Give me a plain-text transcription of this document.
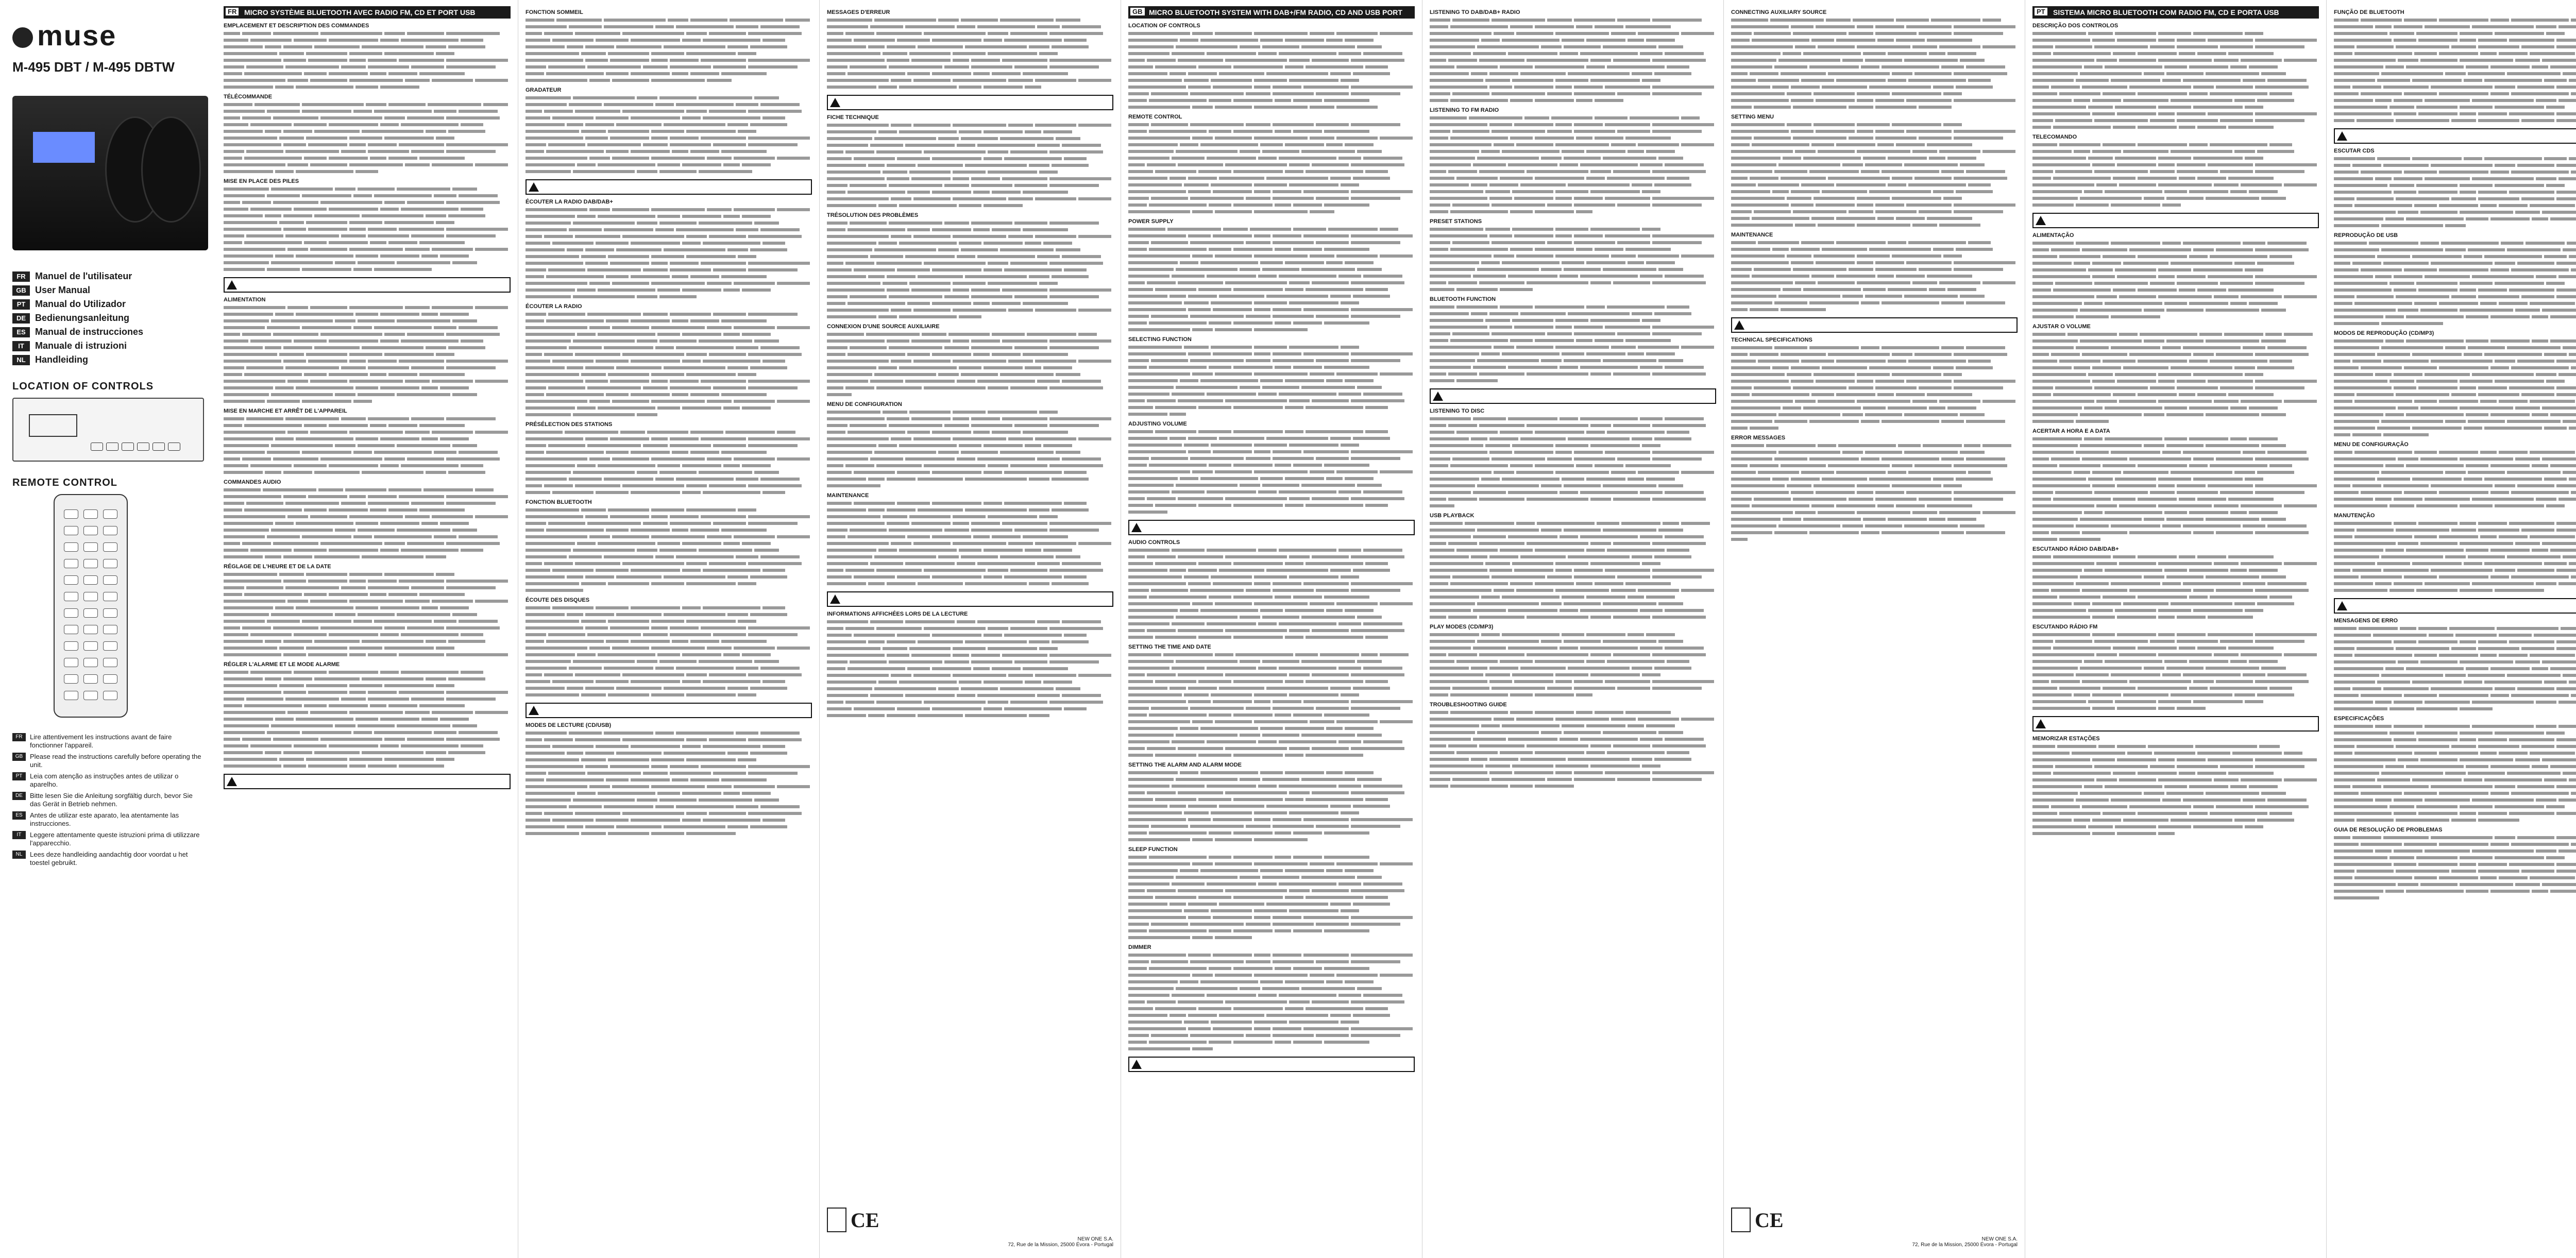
muse
M-495 DBT / M-495 DBTW
FR	Manuel de l'utilisateur
GB User Manual
PT	Manual do Utilizador
DE Bedienungsanleitung
ES	Manual de instrucciones
IT	Manuale di istruzioni
NL	Handleiding
LOCATION OF CONTROLS
REMOTE CONTROL
FR	Lire attentivement les instructions avant de faire fonctionner l'appareil.
GB	Please read the instructions carefully before operating the unit.
PT	Leia com atenção as instruções antes de utilizar o aparelho.
DE	Bitte lesen Sie die Anleitung sorgfältig durch, bevor Sie das Gerät in Betrieb nehmen.
ES	Antes de utilizar este aparato, lea atentamente las instrucciones.
IT	Leggere attentamente queste istruzioni prima di utilizzare l'apparecchio.
NL	Lees deze handleiding aandachtig door voordat u het toestel gebruikt.
FR MICRO SYSTÈME BLUETOOTH AVEC RADIO FM, CD ET PORT USB
EMPLACEMENT ET DESCRIPTION DES COMMANDES
TÉLÉCOMMANDE
MISE EN PLACE DES PILES
ALIMENTATION
MISE EN MARCHE ET ARRÊT DE L'APPAREIL
COMMANDES AUDIO
RÉGLAGE DE L'HEURE ET DE LA DATE
RÉGLER L'ALARME ET LE MODE ALARME
FONCTION SOMMEIL
GRADATEUR
ÉCOUTER LA RADIO DAB/DAB+
ÉCOUTER LA RADIO
PRÉSÉLECTION DES STATIONS
FONCTION BLUETOOTH
ÉCOUTE DES DISQUES
MODES DE LECTURE (CD/USB)
MESSAGES D'ERREUR
FICHE TECHNIQUE
TRÉSOLUTION DES PROBLÈMES
CONNEXION D'UNE SOURCE AUXILIAIRE
MENU DE CONFIGURATION
MAINTENANCE
INFORMATIONS AFFICHÉES LORS DE LA LECTURE
CE
NEW ONE S.A.
72, Rue de la Mission, 25000 Évora - Portugal
GB MICRO BLUETOOTH SYSTEM WITH DAB+/FM RADIO, CD AND USB PORT
LOCATION OF CONTROLS
REMOTE CONTROL
POWER SUPPLY
SELECTING FUNCTION
ADJUSTING VOLUME
AUDIO CONTROLS
SETTING THE TIME AND DATE
SETTING THE ALARM AND ALARM MODE
SLEEP FUNCTION
DIMMER
LISTENING TO DAB/DAB+ RADIO
LISTENING TO FM RADIO
PRESET STATIONS
BLUETOOTH FUNCTION
LISTENING TO DISC
USB PLAYBACK
PLAY MODES (CD/MP3)
TROUBLESHOOTING GUIDE
CONNECTING AUXILIARY SOURCE
SETTING MENU
MAINTENANCE
TECHNICAL SPECIFICATIONS
ERROR MESSAGES
CE
NEW ONE S.A.
72, Rue de la Mission, 25000 Évora - Portugal
PT SISTEMA MICRO BLUETOOTH COM RADIO FM, CD E PORTA USB
DESCRIÇÃO DOS CONTROLOS
TELECOMANDO
ALIMENTAÇÃO
AJUSTAR O VOLUME
ACERTAR A HORA E A DATA
ESCUTANDO RÁDIO DAB/DAB+
ESCUTANDO RÁDIO FM
MEMORIZAR ESTAÇÕES
FUNÇÃO DE BLUETOOTH
ESCUTAR CDS
REPRODUÇÃO DE USB
MODOS DE REPRODUÇÃO (CD/MP3)
MENU DE CONFIGURAÇÃO
MANUTENÇÃO
MENSAGENS DE ERRO
ESPECIFICAÇÕES
GUIA DE RESOLUÇÃO DE PROBLEMAS
